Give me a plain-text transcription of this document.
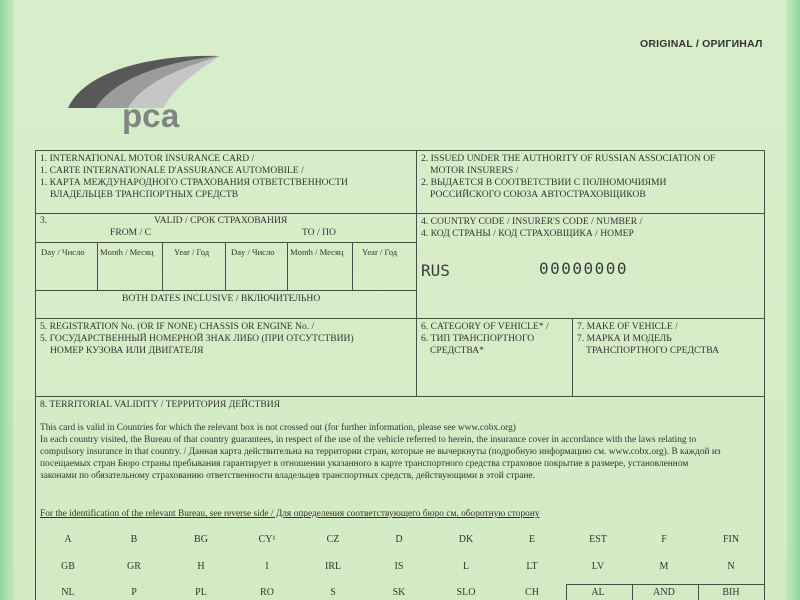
ORIGINAL / ОРИГИНАЛ
рса
1. INTERNATIONAL MOTOR INSURANCE CARD /
1. CARTE INTERNATIONALE D'ASSURANCE AUTOMOBILE /
1. КАРТА МЕЖДУНАРОДНОГО СТРАХОВАНИЯ ОТВЕТСТВЕННОСТИ
ВЛАДЕЛЬЦЕВ ТРАНСПОРТНЫХ СРЕДСТВ
2. ISSUED UNDER THE AUTHORITY OF RUSSIAN ASSOCIATION OF
MOTOR INSURERS /
2. ВЫДАЕТСЯ В СООТВЕТСТВИИ С ПОЛНОМОЧИЯМИ
РОССИЙСКОГО СОЮЗА АВТОСТРАХОВЩИКОВ
3.	VALID / СРОК СТРАХОВАНИЯ
FROM / С	TO / ПО
Day / Число Month / Месяц Year / Год	Day / Число Month / Месяц Year / Год
BOTH DATES INCLUSIVE / ВКЛЮЧИТЕЛЬНО
4. COUNTRY CODE / INSURER'S CODE / NUMBER /
4. КОД СТРАНЫ / КОД СТРАХОВЩИКА / НОМЕР
RUS	00000000
5. REGISTRATION No. (OR IF NONE) CHASSIS OR ENGINE No. /
5. ГОСУДАРСТВЕННЫЙ НОМЕРНОЙ ЗНАК ЛИБО (ПРИ ОТСУТСТВИИ)
НОМЕР КУЗОВА ИЛИ ДВИГАТЕЛЯ
6. CATEGORY OF VEHICLE* /
6. ТИП ТРАНСПОРТНОГО
СРЕДСТВА*
7. MAKE OF VEHICLE /
7. МАРКА И МОДЕЛЬ
ТРАНСПОРТНОГО СРЕДСТВА
8. TERRITORIAL VALIDITY / ТЕРРИТОРИЯ ДЕЙСТВИЯ
This card is valid in Countries for which the relevant box is not crossed out (for further information, please see www.cobx.org)
In each country visited, the Bureau of that country guarantees, in respect of the use of the vehicle referred to herein, the insurance cover in accordance with the laws relating to
compulsory insurance in that country. / Данная карта действительна на территории стран, которые не вычеркнуты (подробную информацию см. www.cobx.org). В каждой из
посещаемых стран Бюро страны пребывания гарантирует в отношении указанного в карте транспортного средства страховое покрытие в размере, установленном
законами по обязательному страхованию ответственности владельцев транспортных средств, действующими в этой стране.
For the identification of the relevant Bureau, see reverse side / Для определения соответствующего бюро см. оборотную сторону
A	B	BG	CY¹	CZ	D	DK	E	EST	F	FIN
GB	GR	H	I	IRL	IS	L	LT	LV	M	N
NL	P	PL	RO	S	SK	SLO	CH	AL	AND	BIH
